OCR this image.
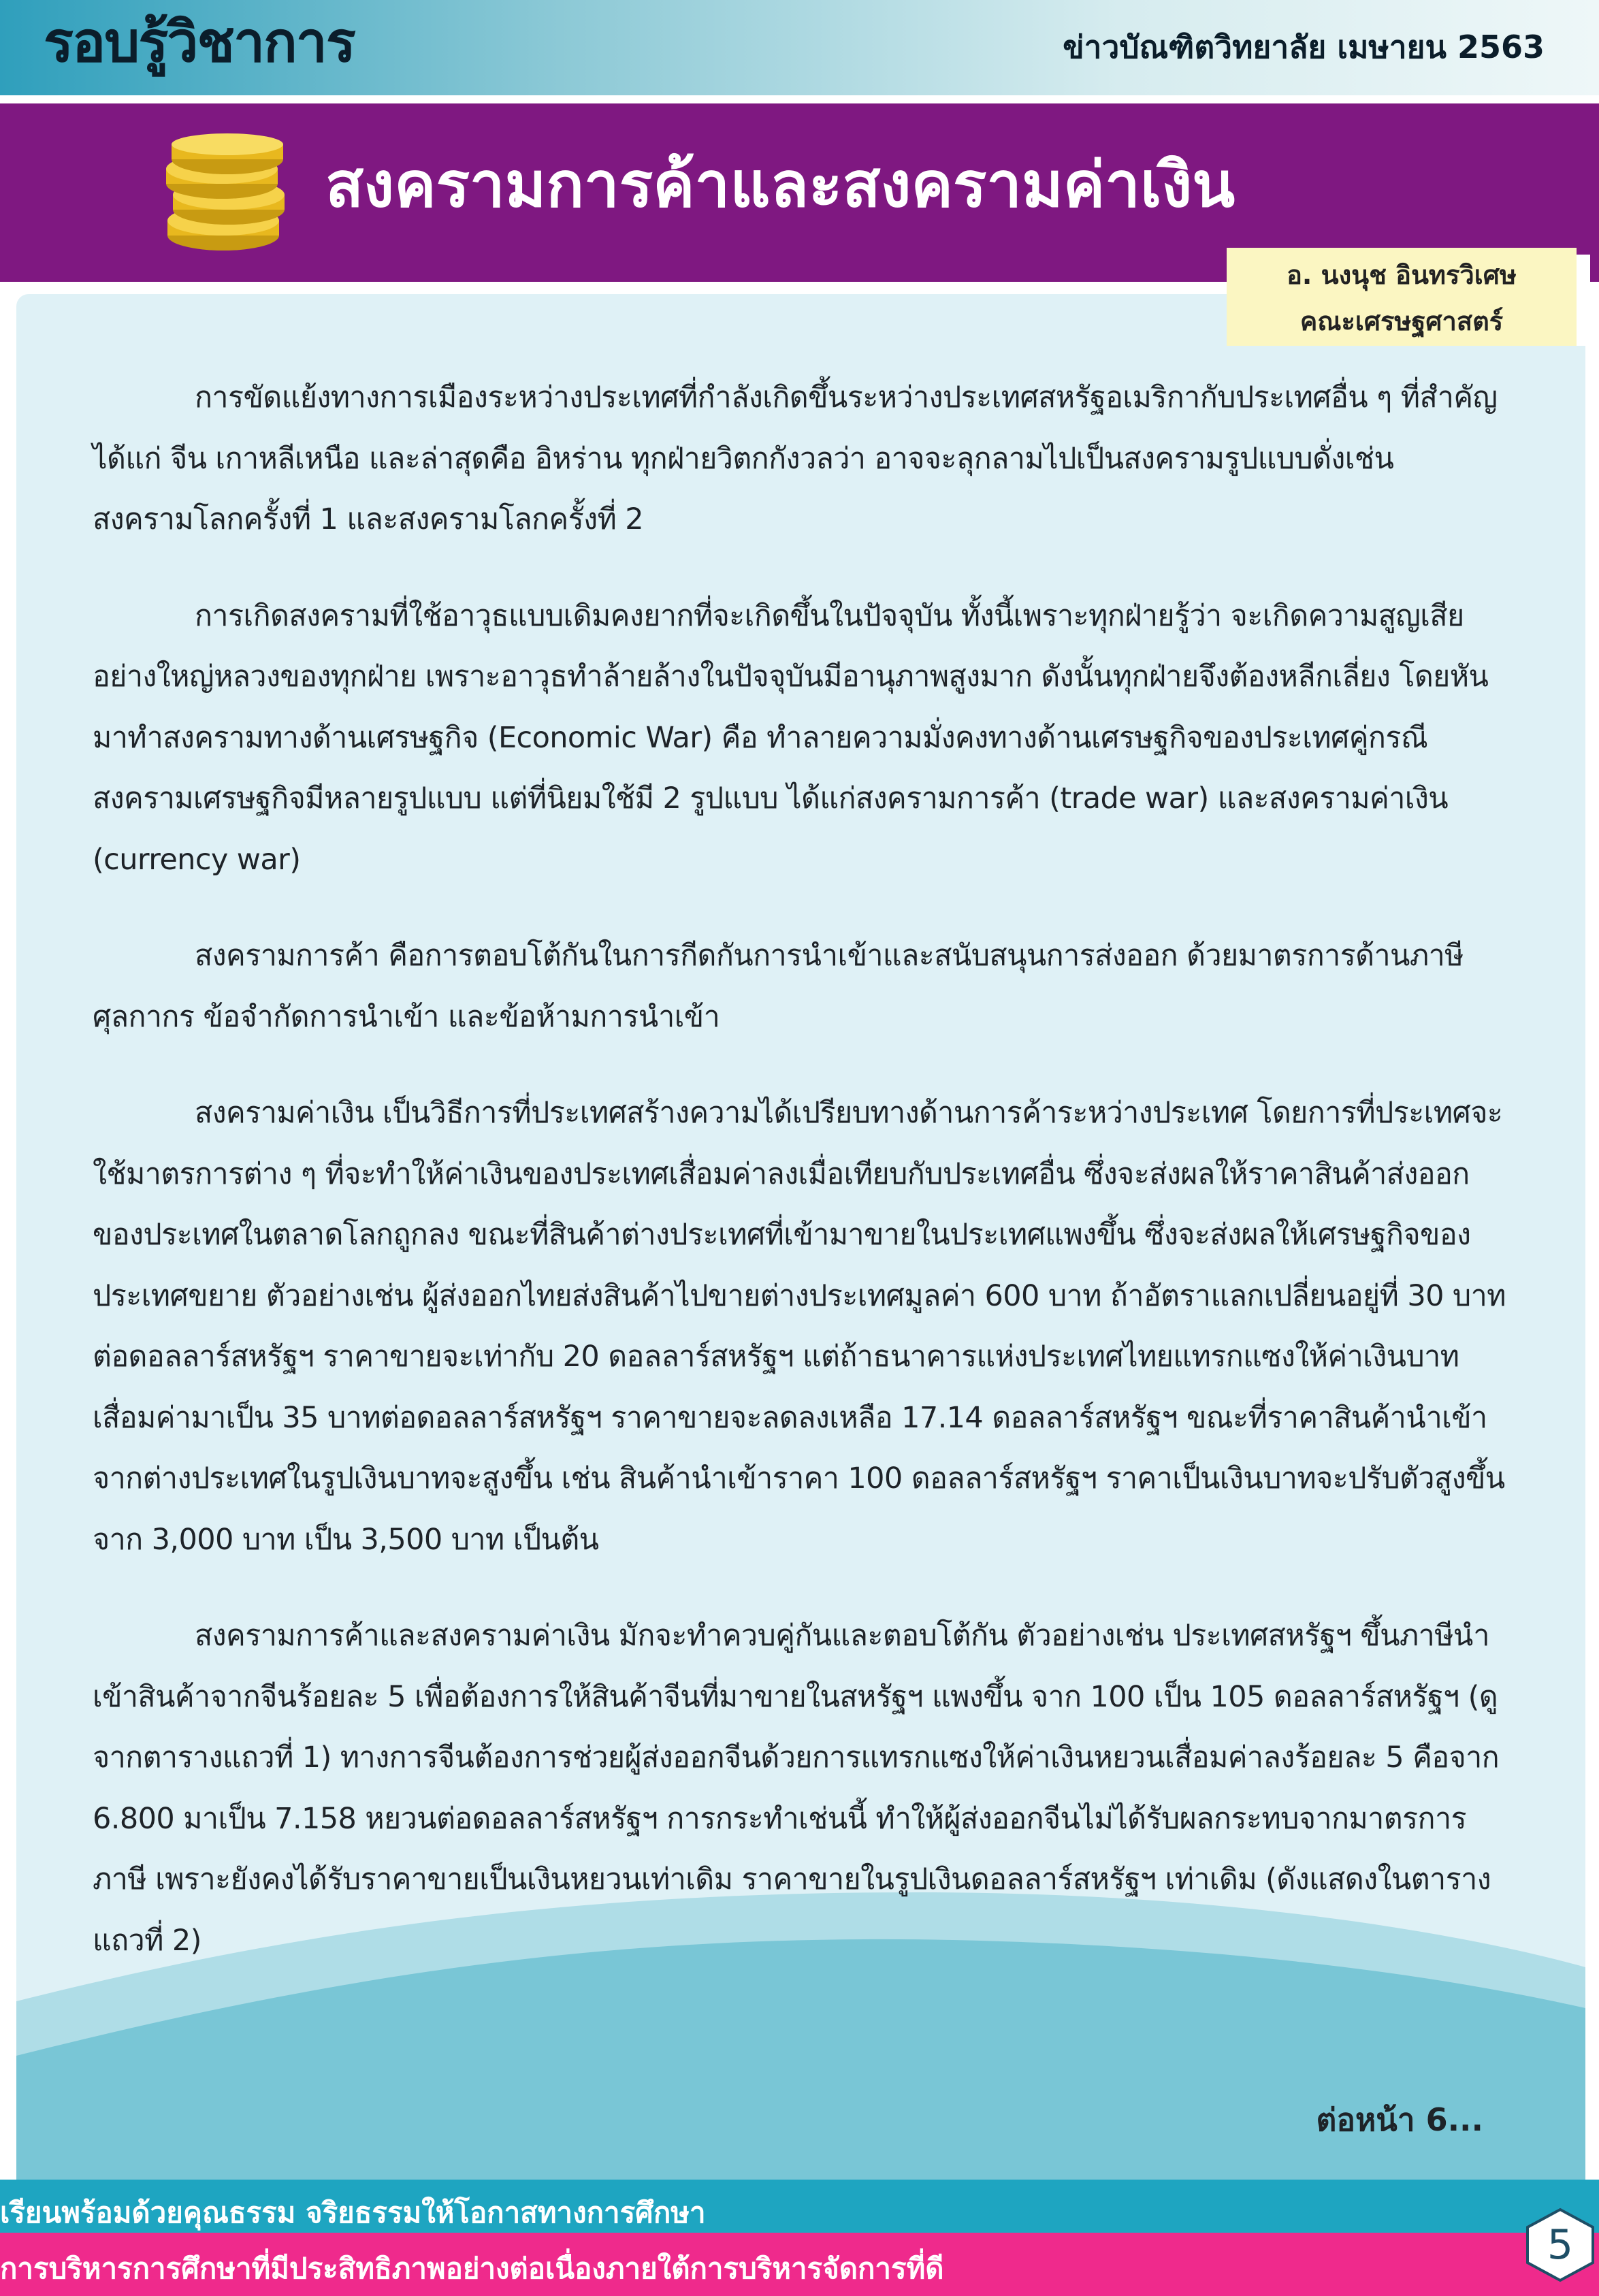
รอบรู้วิชาการ	ข่าวบัณฑิตวิทยาลัย เมษายน 2563
สงครามการค้าและสงครามค่าเงิน
อ. นงนุช อินทรวิเศษ
คณะเศรษฐศาสตร์

การขัดแย้งทางการเมืองระหว่างประเทศที่กำลังเกิดขึ้นระหว่างประเทศสหรัฐอเมริกากับประเทศอื่น ๆ ที่สำคัญ ได้แก่ จีน เกาหลีเหนือ และล่าสุดคือ อิหร่าน ทุกฝ่ายวิตกกังวลว่า อาจจะลุกลามไปเป็นสงครามรูปแบบดั่งเช่น สงครามโลกครั้งที่ 1 และสงครามโลกครั้งที่ 2

การเกิดสงครามที่ใช้อาวุธแบบเดิมคงยากที่จะเกิดขึ้นในปัจจุบัน ทั้งนี้เพราะทุกฝ่ายรู้ว่า จะเกิดความสูญเสียอย่างใหญ่หลวงของทุกฝ่าย เพราะอาวุธทำล้ายล้างในปัจจุบันมีอานุภาพสูงมาก ดังนั้นทุกฝ่ายจึงต้องหลีกเลี่ยง โดยหันมาทำสงครามทางด้านเศรษฐกิจ (Economic War) คือ ทำลายความมั่งคงทางด้านเศรษฐกิจของประเทศคู่กรณี สงครามเศรษฐกิจมีหลายรูปแบบ แต่ที่นิยมใช้มี 2 รูปแบบ ได้แก่สงครามการค้า (trade war) และสงครามค่าเงิน (currency war)

สงครามการค้า คือการตอบโต้กันในการกีดกันการนำเข้าและสนับสนุนการส่งออก ด้วยมาตรการด้านภาษีศุลกากร ข้อจำกัดการนำเข้า และข้อห้ามการนำเข้า

สงครามค่าเงิน เป็นวิธีการที่ประเทศสร้างความได้เปรียบทางด้านการค้าระหว่างประเทศ โดยการที่ประเทศจะใช้มาตรการต่าง ๆ ที่จะทำให้ค่าเงินของประเทศเสื่อมค่าลงเมื่อเทียบกับประเทศอื่น ซึ่งจะส่งผลให้ราคาสินค้าส่งออกของประเทศในตลาดโลกถูกลง ขณะที่สินค้าต่างประเทศที่เข้ามาขายในประเทศแพงขึ้น ซึ่งจะส่งผลให้เศรษฐกิจของประเทศขยาย ตัวอย่างเช่น ผู้ส่งออกไทยส่งสินค้าไปขายต่างประเทศมูลค่า 600 บาท ถ้าอัตราแลกเปลี่ยนอยู่ที่ 30 บาทต่อดอลลาร์สหรัฐฯ ราคาขายจะเท่ากับ 20 ดอลลาร์สหรัฐฯ แต่ถ้าธนาคารแห่งประเทศไทยแทรกแซงให้ค่าเงินบาทเสื่อมค่ามาเป็น 35 บาทต่อดอลลาร์สหรัฐฯ ราคาขายจะลดลงเหลือ 17.14 ดอลลาร์สหรัฐฯ ขณะที่ราคาสินค้านำเข้าจากต่างประเทศในรูปเงินบาทจะสูงขึ้น เช่น สินค้านำเข้าราคา 100 ดอลลาร์สหรัฐฯ ราคาเป็นเงินบาทจะปรับตัวสูงขึ้นจาก 3,000 บาท เป็น 3,500 บาท เป็นต้น

สงครามการค้าและสงครามค่าเงิน มักจะทำควบคู่กันและตอบโต้กัน ตัวอย่างเช่น ประเทศสหรัฐฯ ขึ้นภาษีนำเข้าสินค้าจากจีนร้อยละ 5 เพื่อต้องการให้สินค้าจีนที่มาขายในสหรัฐฯ แพงขึ้น จาก 100 เป็น 105 ดอลลาร์สหรัฐฯ (ดูจากตารางแถวที่ 1) ทางการจีนต้องการช่วยผู้ส่งออกจีนด้วยการแทรกแซงให้ค่าเงินหยวนเสื่อมค่าลงร้อยละ 5 คือจาก 6.800 มาเป็น 7.158 หยวนต่อดอลลาร์สหรัฐฯ การกระทำเช่นนี้ ทำให้ผู้ส่งออกจีนไม่ได้รับผลกระทบจากมาตรการภาษี เพราะยังคงได้รับราคาขายเป็นเงินหยวนเท่าเดิม ราคาขายในรูปเงินดอลลาร์สหรัฐฯ เท่าเดิม (ดังแสดงในตารางแถวที่ 2)

ต่อหน้า 6...
เรียนพร้อมด้วยคุณธรรม จริยธรรมให้โอกาสทางการศึกษา
การบริหารการศึกษาที่มีประสิทธิภาพอย่างต่อเนื่องภายใต้การบริหารจัดการที่ดี	5
